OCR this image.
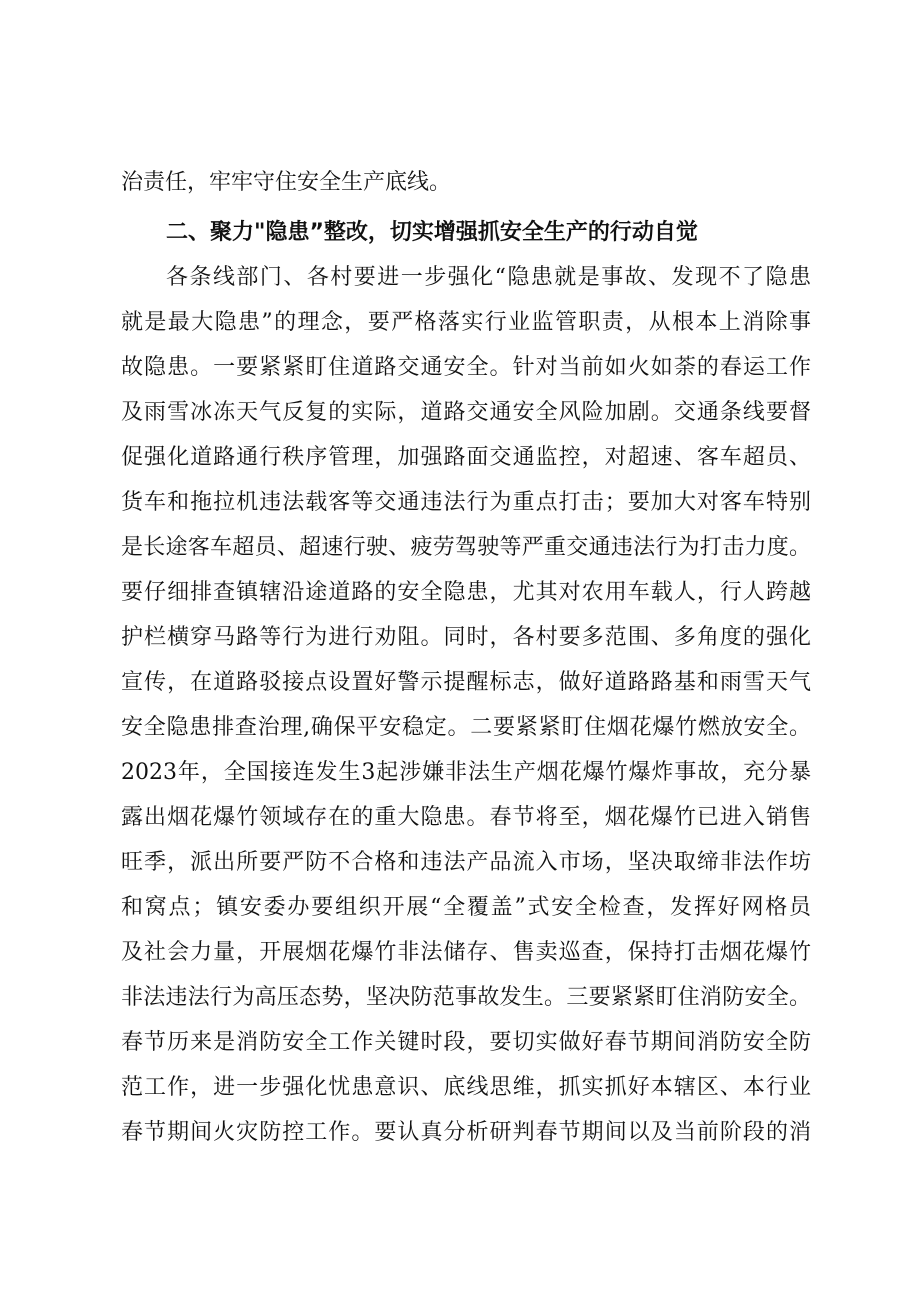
治责任，牢牢守住安全生产底线。
二、聚力"隐患”整改，切实增强抓安全生产的行动自觉
各条线部门、各村要进一步强化“隐患就是事故、发现不了隐患
就是最大隐患”的理念，要严格落实行业监管职责，从根本上消除事
故隐患。一要紧紧盯住道路交通安全。针对当前如火如荼的春运工作
及雨雪冰冻天气反复的实际，道路交通安全风险加剧。交通条线要督
促强化道路通行秩序管理，加强路面交通监控，对超速、客车超员、
货车和拖拉机违法载客等交通违法行为重点打击；要加大对客车特别
是长途客车超员、超速行驶、疲劳驾驶等严重交通违法行为打击力度。
要仔细排查镇辖沿途道路的安全隐患，尤其对农用车载人，行人跨越
护栏横穿马路等行为进行劝阻。同时，各村要多范围、多角度的强化
宣传，在道路驳接点设置好警示提醒标志，做好道路路基和雨雪天气
安全隐患排查治理,确保平安稳定。二要紧紧盯住烟花爆竹燃放安全。
2023年，全国接连发生3起涉嫌非法生产烟花爆竹爆炸事故，充分暴
露出烟花爆竹领域存在的重大隐患。春节将至，烟花爆竹已进入销售
旺季，派出所要严防不合格和违法产品流入市场，坚决取缔非法作坊
和窝点；镇安委办要组织开展“全覆盖”式安全检查，发挥好网格员
及社会力量，开展烟花爆竹非法储存、售卖巡查，保持打击烟花爆竹
非法违法行为高压态势，坚决防范事故发生。三要紧紧盯住消防安全。
春节历来是消防安全工作关键时段，要切实做好春节期间消防安全防
范工作，进一步强化忧患意识、底线思维，抓实抓好本辖区、本行业
春节期间火灾防控工作。要认真分析研判春节期间以及当前阶段的消
